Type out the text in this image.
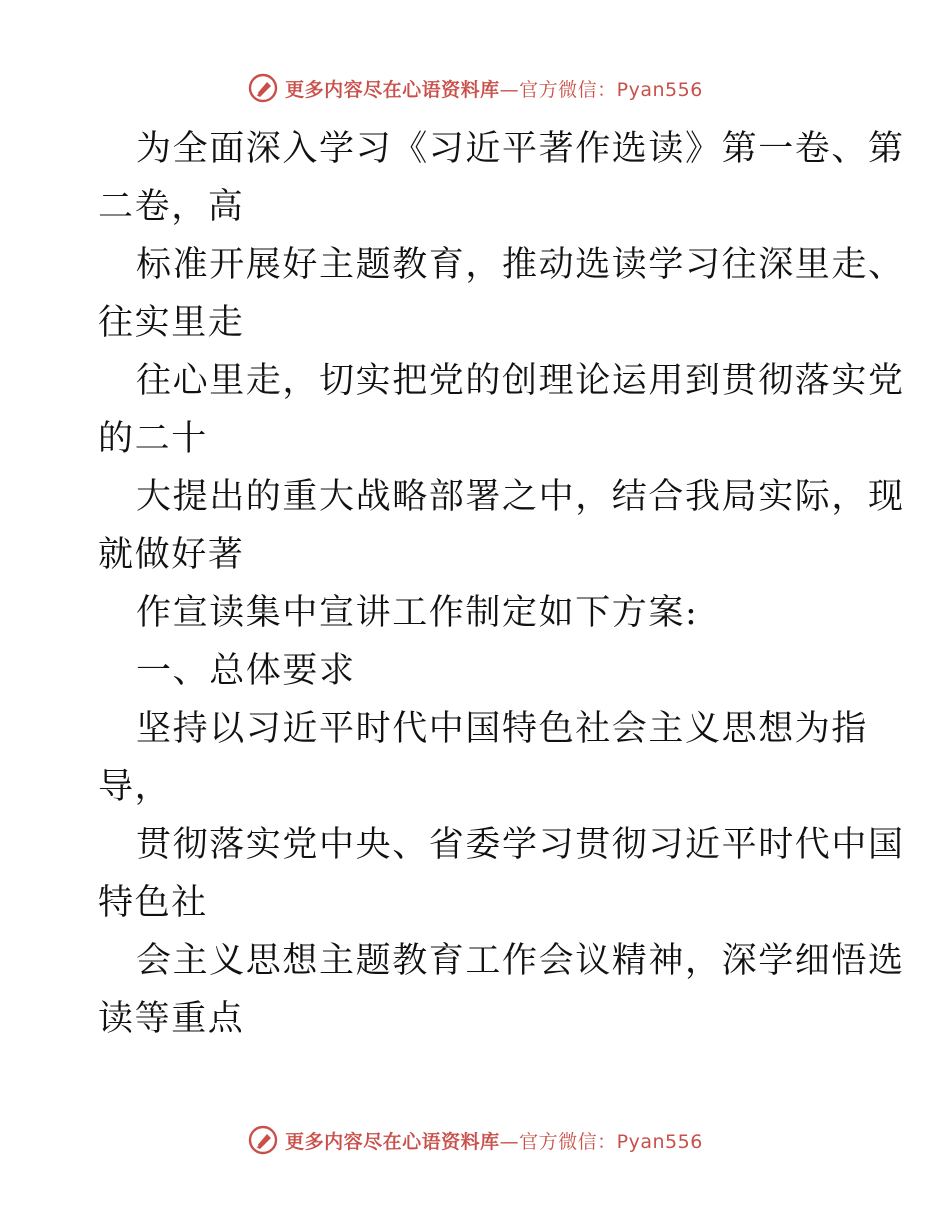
更多内容尽在心语资料库—官方微信：Pyan556

为全面深入学习《习近平著作选读》第一卷、第
二卷，高

标准开展好主题教育，推动选读学习往深里走、
往实里走

往心里走，切实把党的创理论运用到贯彻落实党
的二十

大提出的重大战略部署之中，结合我局实际，现
就做好著

作宣读集中宣讲工作制定如下方案:

一、总体要求

坚持以习近平时代中国特色社会主义思想为指
导，

贯彻落实党中央、省委学习贯彻习近平时代中国
特色社

会主义思想主题教育工作会议精神，深学细悟选
读等重点

更多内容尽在心语资料库—官方微信：Pyan556
